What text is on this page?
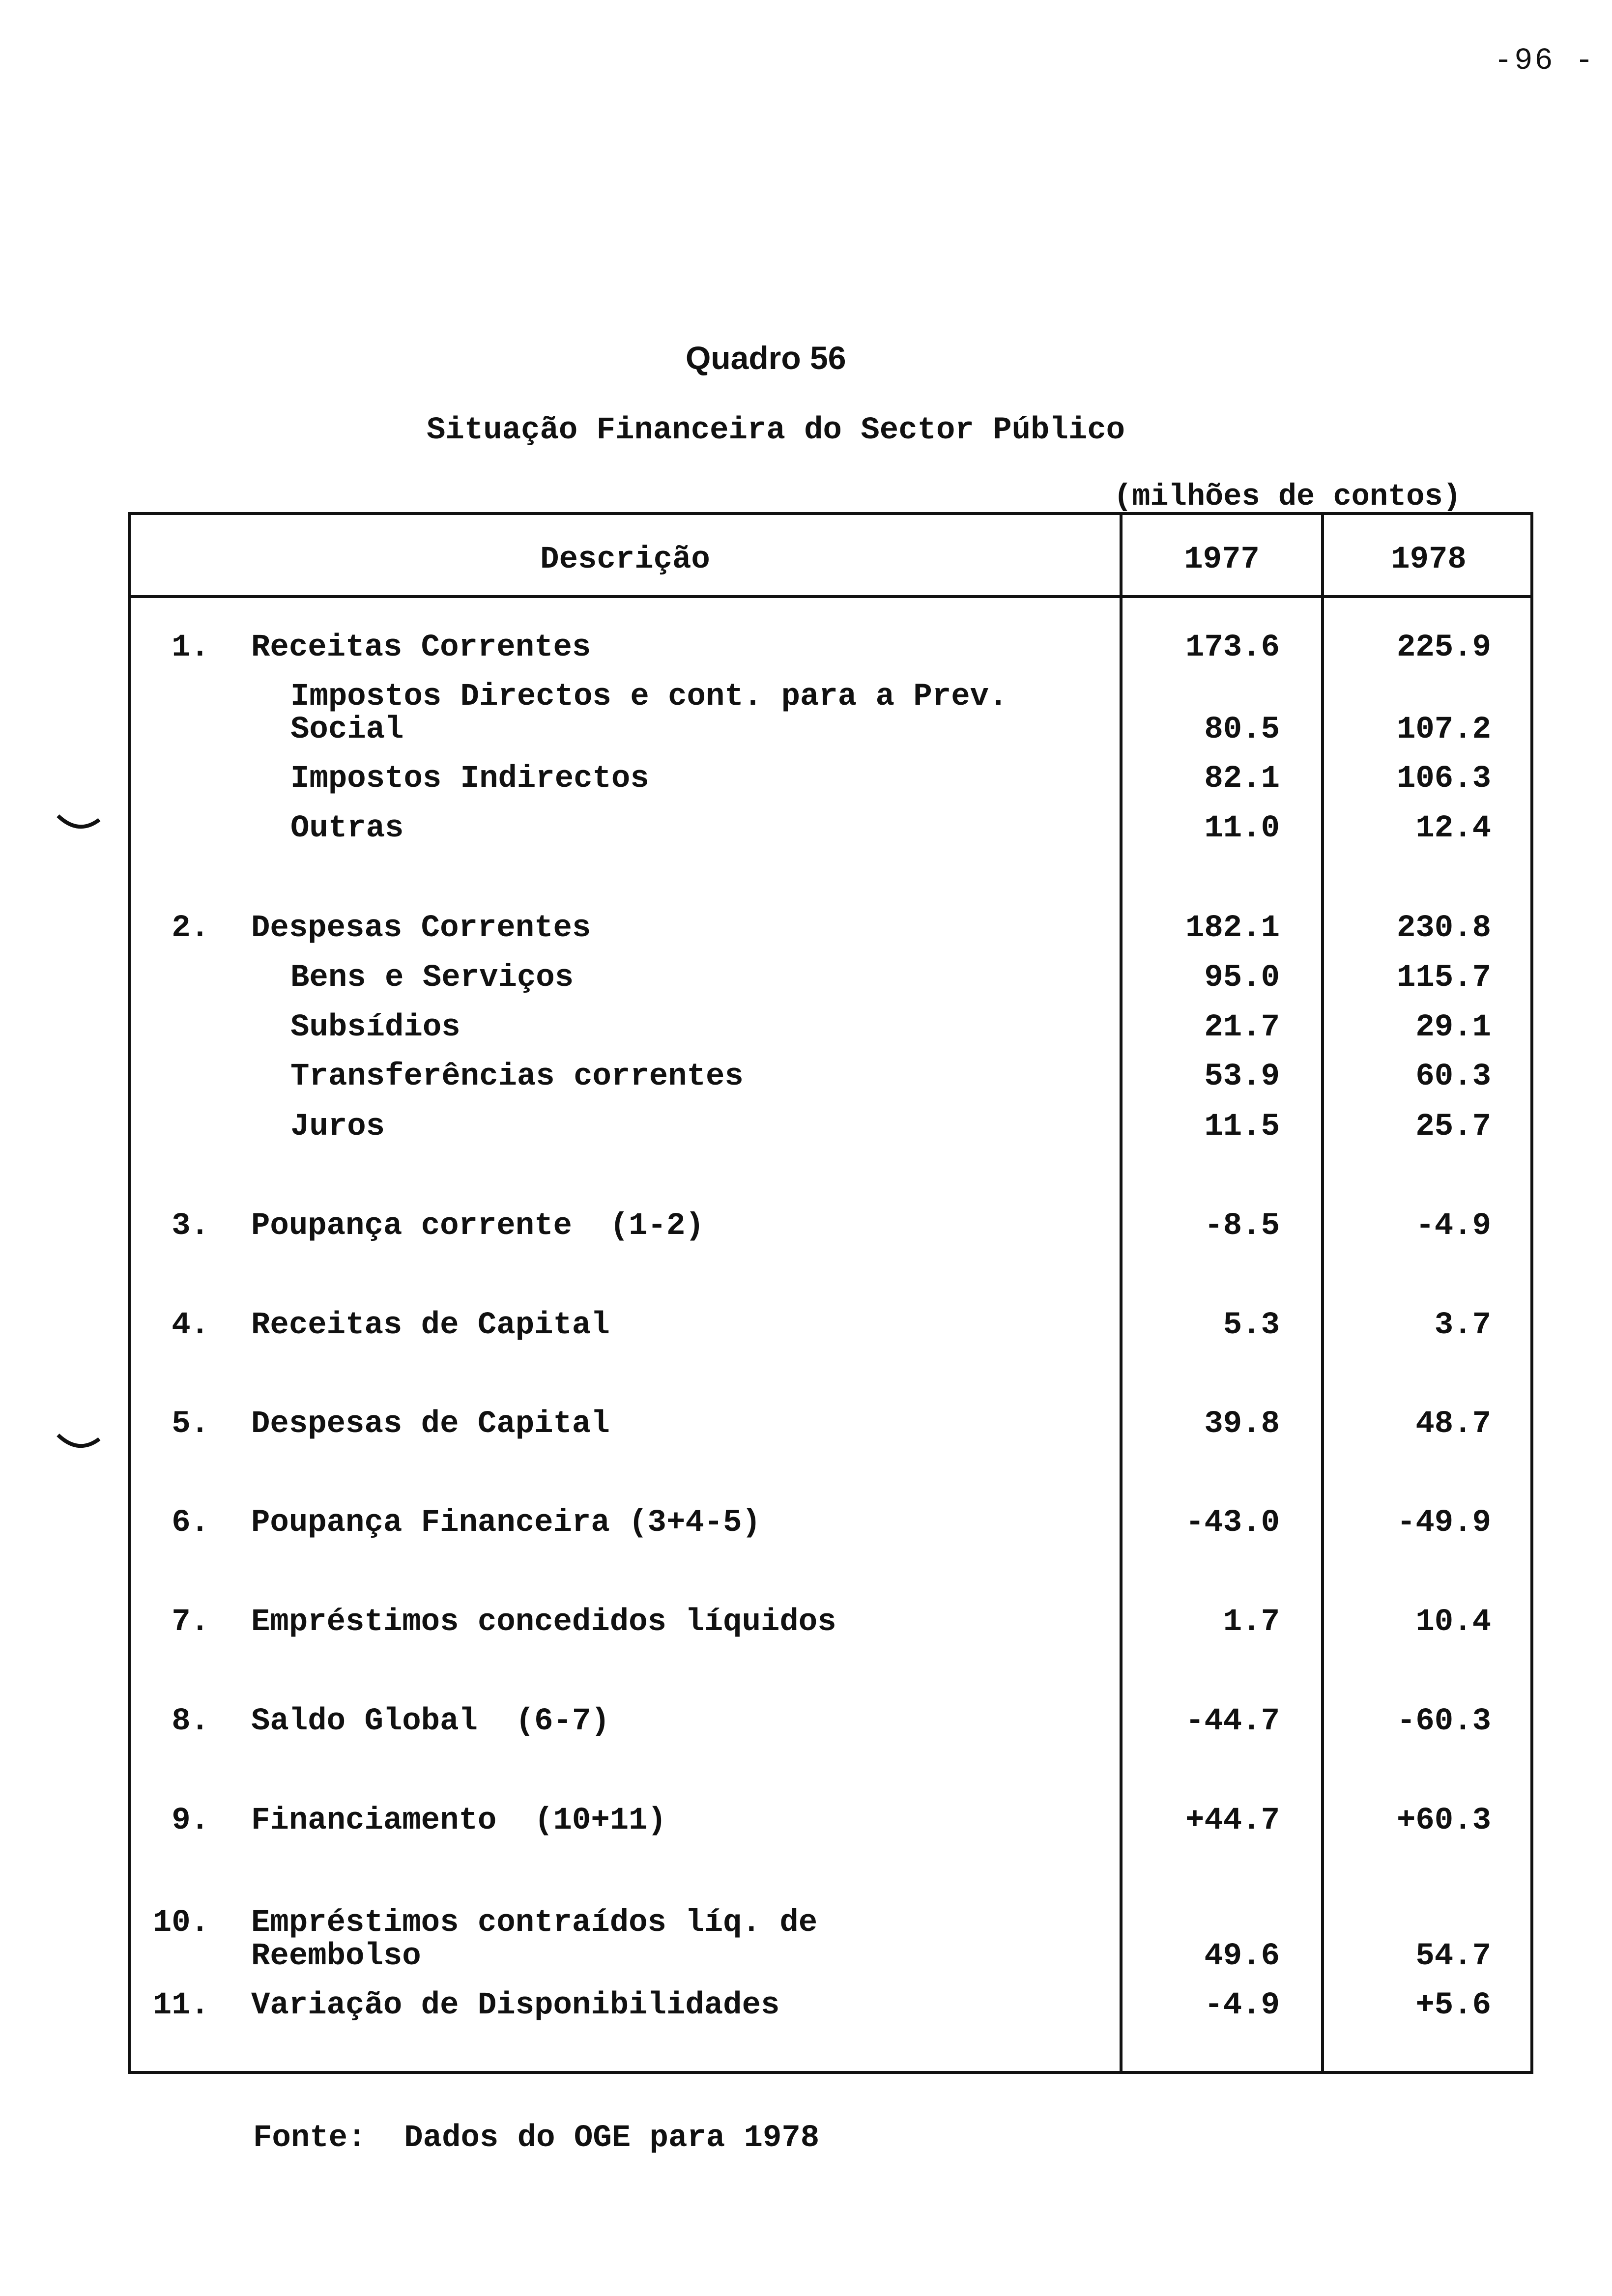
-96 -
Quadro 56
Situação Financeira do Sector Público
(milhões de contos)
Descrição	1977	1978
1. Receitas Correntes	173.6	225.9
Impostos Directos e cont. para a Prev.
Social	80.5	107.2
Impostos Indirectos	82.1	106.3
Outras	11.0	12.4
2. Despesas Correntes	182.1	230.8
Bens e Serviços	95.0	115.7
Subsídios	21.7	29.1
Transferências correntes	53.9	60.3
Juros	11.5	25.7
3. Poupança corrente  (1-2)	-8.5	-4.9
4. Receitas de Capital	5.3	3.7
5. Despesas de Capital	39.8	48.7
6. Poupança Financeira (3+4-5)	-43.0	-49.9
7. Empréstimos concedidos líquidos	1.7	10.4
8. Saldo Global  (6-7)	-44.7	-60.3
9. Financiamento  (10+11)	+44.7	+60.3
10. Empréstimos contraídos líq. de
Reembolso	49.6	54.7
11. Variação de Disponibilidades	-4.9	+5.6
Fonte:  Dados do OGE para 1978
